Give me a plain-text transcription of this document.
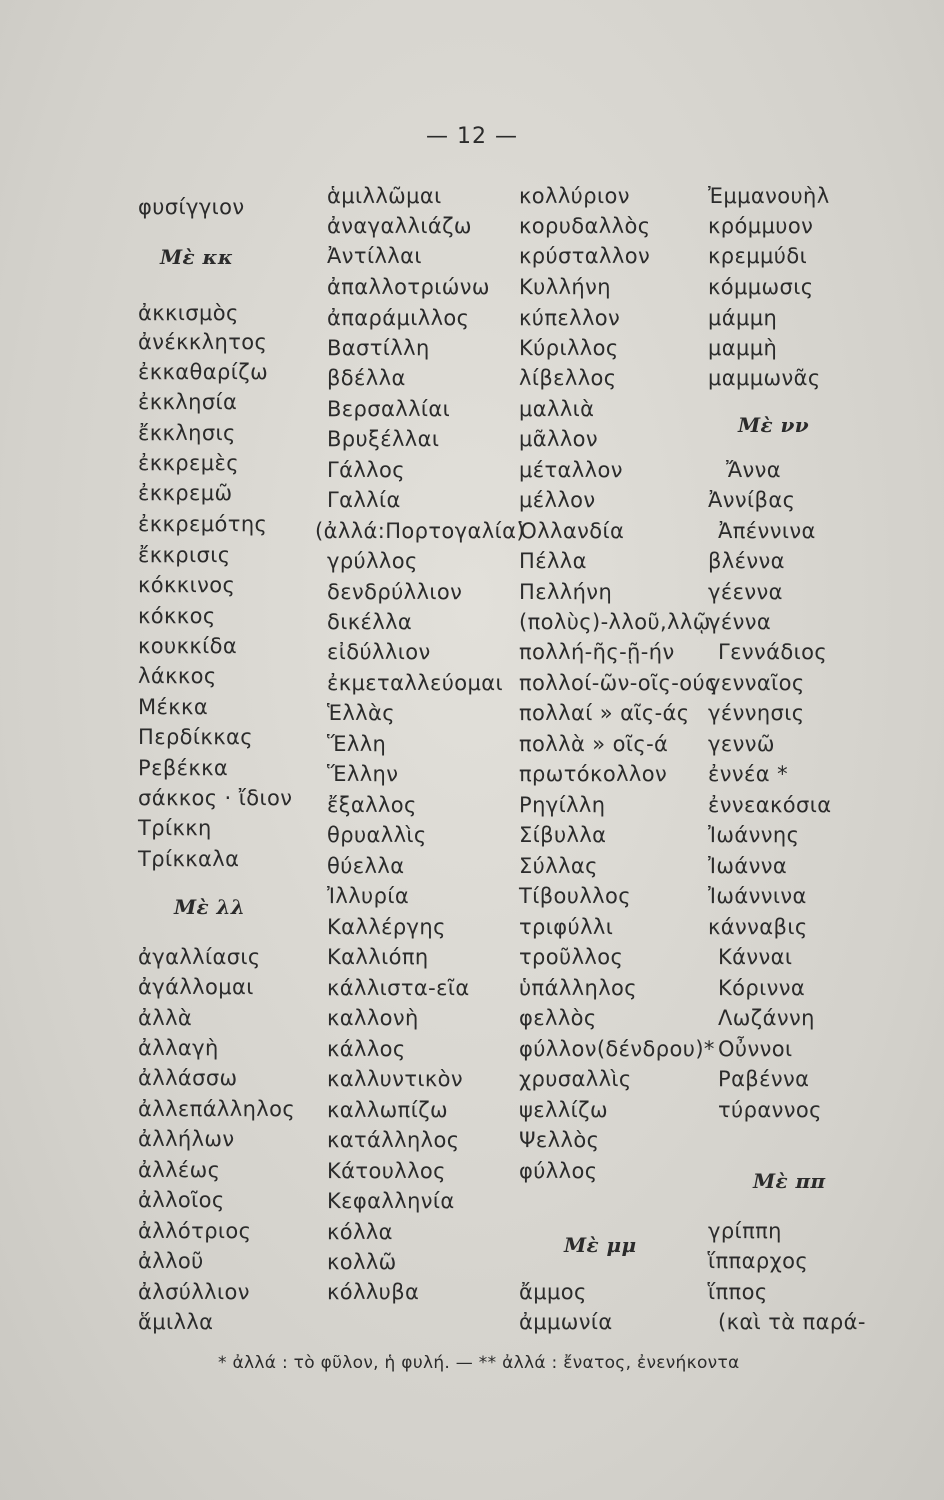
— 12 —
φυσίγγιον
Μὲ κκ
ἀκκισμὸς
ἀνέκκλητος
ἐκκαθαρίζω
ἐκκλησία
ἔκκλησις
ἐκκρεμὲς
ἐκκρεμῶ
ἐκκρεμότης
ἔκκρισις
κόκκινος
κόκκος
κουκκίδα
λάκκος
Μέκκα
Περδίκκας
Ρεβέκκα
σάκκος · ἴδιον
Τρίκκη
Τρίκκαλα
Μὲ λλ
ἀγαλλίασις
ἀγάλλομαι
ἀλλὰ
ἀλλαγὴ
ἀλλάσσω
ἀλλεπάλληλος
ἀλλήλων
ἀλλέως
ἀλλοῖος
ἀλλότριος
ἀλλοῦ
ἀλσύλλιον
ἅμιλλα
ἁμιλλῶμαι
ἀναγαλλιάζω
Ἀντίλλαι
ἀπαλλοτριώνω
ἀπαράμιλλος
Βαστίλλη
βδέλλα
Βερσαλλίαι
Βρυξέλλαι
Γάλλος
Γαλλία
(ἀλλά:Πορτογαλία)
γρύλλος
δενδρύλλιον
δικέλλα
εἰδύλλιον
ἐκμεταλλεύομαι
Ἑλλὰς
Ἕλλη
Ἕλλην
ἔξαλλος
θρυαλλὶς
θύελλα
Ἰλλυρία
Καλλέργης
Καλλιόπη
κάλλιστα-εῖα
καλλονὴ
κάλλος
καλλυντικὸν
καλλωπίζω
κατάλληλος
Κάτουλλος
Κεφαλληνία
κόλλα
κολλῶ
κόλλυβα
κολλύριον
κορυδαλλὸς
κρύσταλλον
Κυλλήνη
κύπελλον
Κύριλλος
λίβελλος
μαλλιὰ
μᾶλλον
μέταλλον
μέλλον
Ὁλλανδία
Πέλλα
Πελλήνη
(πολὺς)-λλοῦ,λλῷ
πολλή-ῆς-ῇ-ήν
πολλοί-ῶν-οῖς-ούς
πολλαί » αῖς-άς
πολλὰ » οῖς-ά
πρωτόκολλον
Ρηγίλλη
Σίβυλλα
Σύλλας
Τίβουλλος
τριφύλλι
τροῦλλος
ὑπάλληλος
φελλὸς
φύλλον(δένδρου)*
χρυσαλλὶς
ψελλίζω
Ψελλὸς
φύλλος
Μὲ μμ
ἄμμος
ἀμμωνία
Ἐμμανουὴλ
κρόμμυον
κρεμμύδι
κόμμωσις
μάμμη
μαμμὴ
μαμμωνᾶς
Μὲ νν
Ἄννα
Ἀννίβας
Ἀπέννινα
βλέννα
γέεννα
γέννα
Γεννάδιος
γενναῖος
γέννησις
γεννῶ
ἐννέα *
ἐννεακόσια
Ἰωάννης
Ἰωάννα
Ἰωάννινα
κάνναβις
Κάνναι
Κόριννα
Λωζάννη
Οὖννοι
Ραβέννα
τύραννος
Μὲ ππ
γρίππη
ἵππαρχος
ἵππος
(καὶ τὰ παρά-
* ἀλλά : τὸ φῦλον, ἡ φυλή. — ** ἀλλά : ἔνατος, ἐνενήκοντα
